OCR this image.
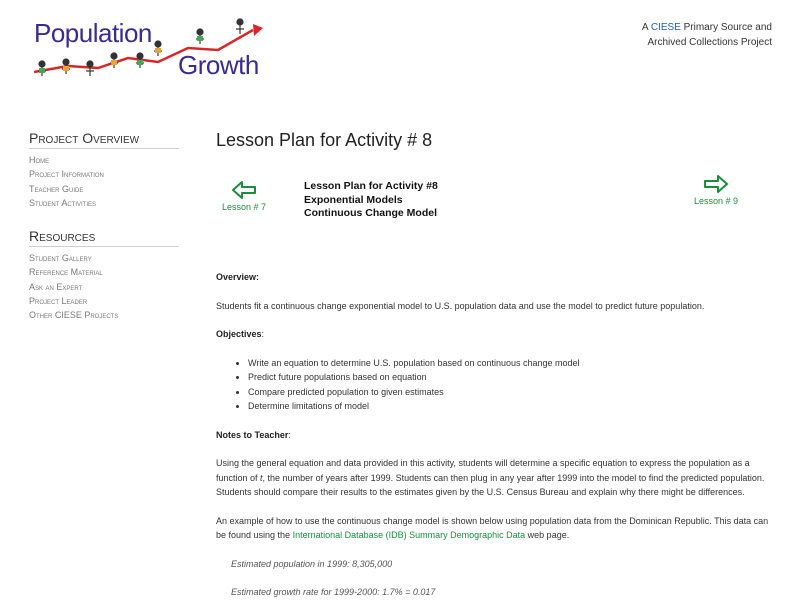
Population
Growth
A CIESE Primary Source and
Archived Collections Project
Project Overview
Home
Project Information
Teacher Guide
Student Activities
Resources
Student Gallery
Reference Material
Ask an Expert
Project Leader
Other CIESE Projects
Lesson Plan for Activity # 8
Lesson # 7
Lesson Plan for Activity #8
Exponential Models
Continuous Change Model
Lesson # 9

Overview:

Students fit a continuous change exponential model to U.S. population data and use the model to predict future population.

Objectives:

• Write an equation to determine U.S. population based on continuous change model
• Predict future populations based on equation
• Compare predicted population to given estimates
• Determine limitations of model

Notes to Teacher:

Using the general equation and data provided in this activity, students will determine a specific equation to express the population as a function of t, the number of years after 1999. Students can then plug in any year after 1999 into the model to find the predicted population. Students should compare their results to the estimates given by the U.S. Census Bureau and explain why there might be differences.

An example of how to use the continuous change model is shown below using population data from the Dominican Republic. This data can be found using the International Database (IDB) Summary Demographic Data web page.

Estimated population in 1999: 8,305,000

Estimated growth rate for 1999-2000: 1.7% = 0.017
